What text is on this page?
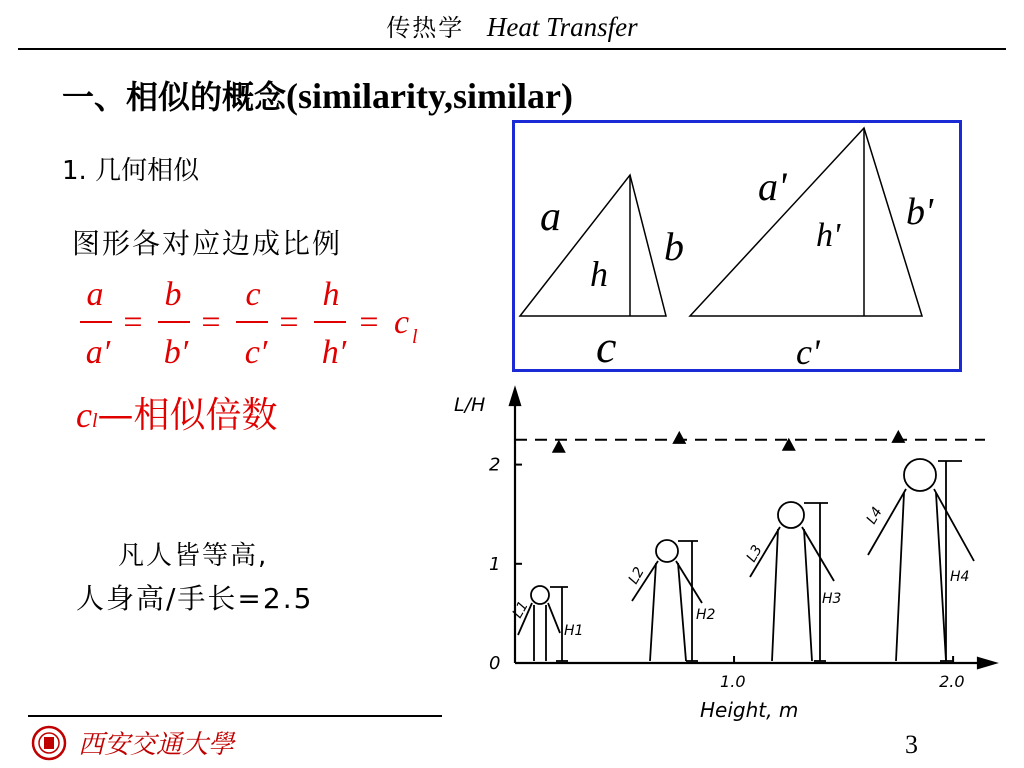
传热学 Heat Transfer
一、相似的概念(similarity,similar)
1. 几何相似
图形各对应边成比例
a
a′
=
b
b′
=
c
c′
=
h
h′
= c l
cl—相似倍数
凡人皆等高,
人身高/手长=2.5
a
h
b
c
a'
h'
b'
c'
0
1
2
1.0	2.0
L/H
Height, m
L1
H1
L2
H2
L3
H3
L4
H4
西安交通大學	3
